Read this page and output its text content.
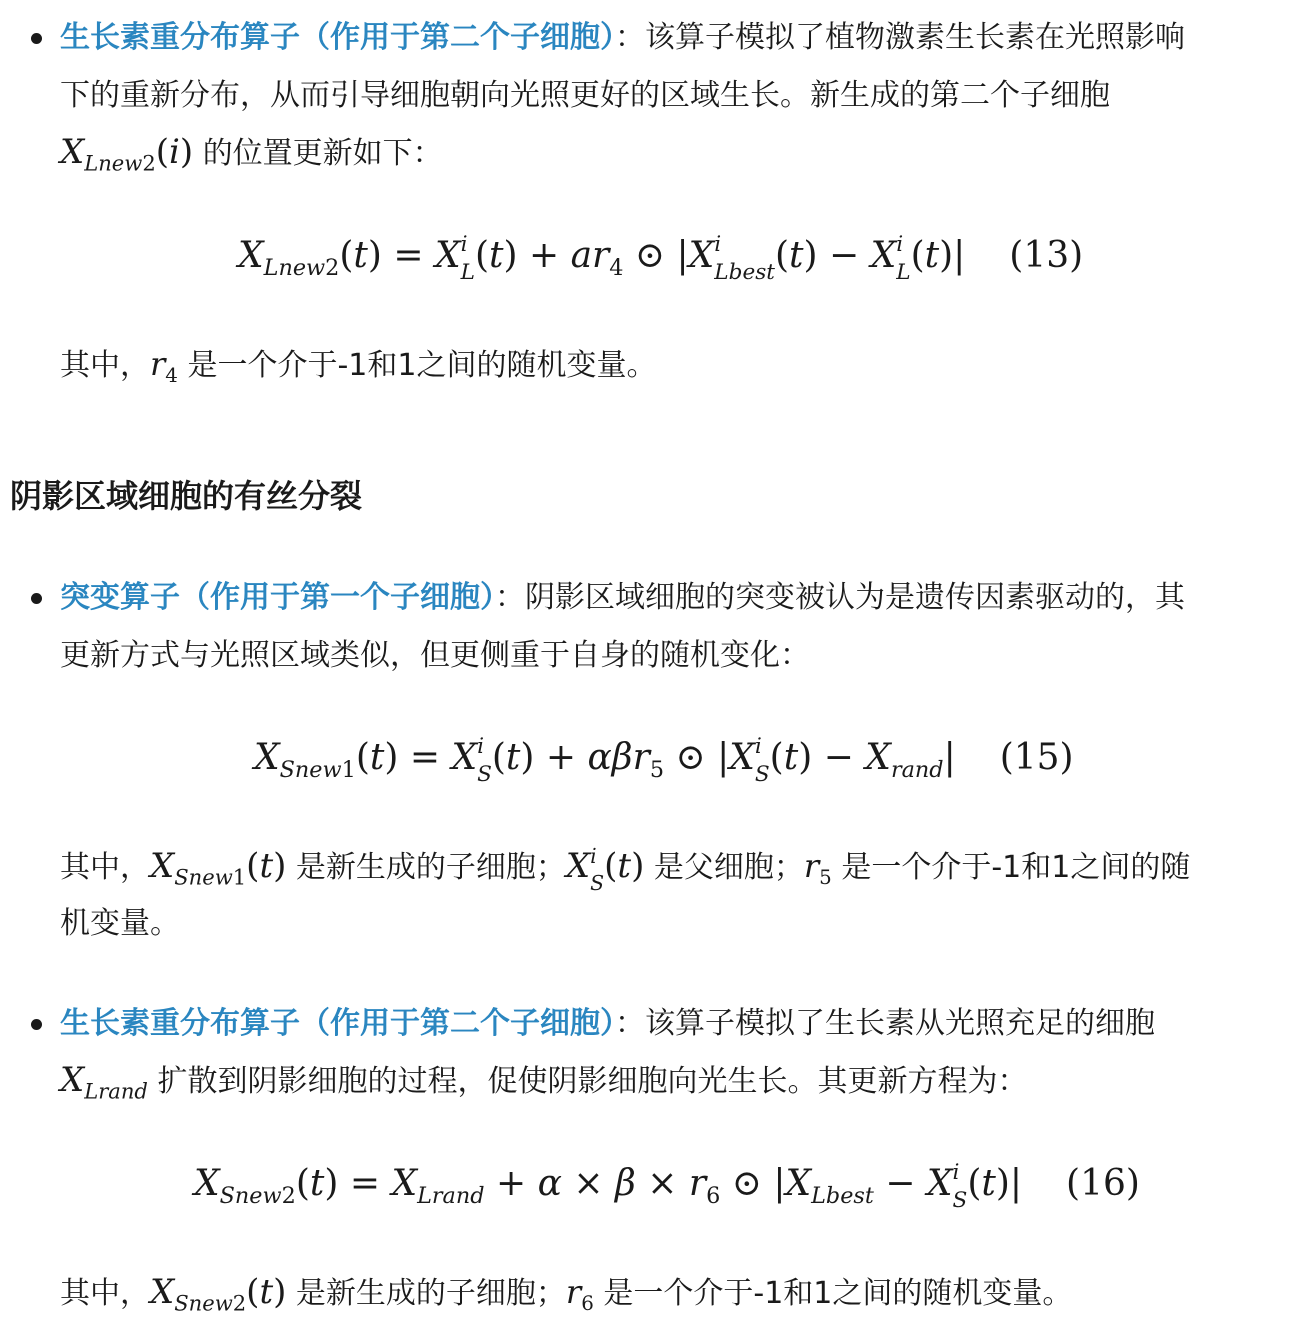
生长素重分布算子（作用于第二个子细胞）：该算子模拟了植物激素生长素在光照影响
下的重新分布，从而引导细胞朝向光照更好的区域生长。新生成的第二个子细胞
$X_{Lnew2}(i)$ 的位置更新如下：
$X_{Lnew2}(t) = X$ i
L $(t) + ar_4$ ⊙ |X i
Lbest (t) − X i
L (t)| (13)
其中，$r_4$ 是一个介于-1和1之间的随机变量。
阴影区域细胞的有丝分裂
突变算子（作用于第一个子细胞）：阴影区域细胞的突变被认为是遗传因素驱动的，其
更新方式与光照区域类似，但更侧重于自身的随机变化：
$X_{Snew1}(t) = X$ i
S (t) + αβr$_5$ ⊙ |X i
S $(t) - X_{rand}|$ (15)
其中，$X_{Snew1}(t)$ 是新生成的子细胞；X i
S (t) 是父细胞；$r_5$ 是一个介于-1和1之间的随
机变量。
生长素重分布算子（作用于第二个子细胞）：该算子模拟了生长素从光照充足的细胞
$X_{Lrand}$ 扩散到阴影细胞的过程，促使阴影细胞向光生长。其更新方程为：
$X_{Snew2}(t) = X_{Lrand} + \alpha \times \beta \times r_6$ ⊙ $|X_{Lbest} - X$ i
S (t)| (16)
其中，$X_{Snew2}(t)$ 是新生成的子细胞；$r_6$ 是一个介于-1和1之间的随机变量。
